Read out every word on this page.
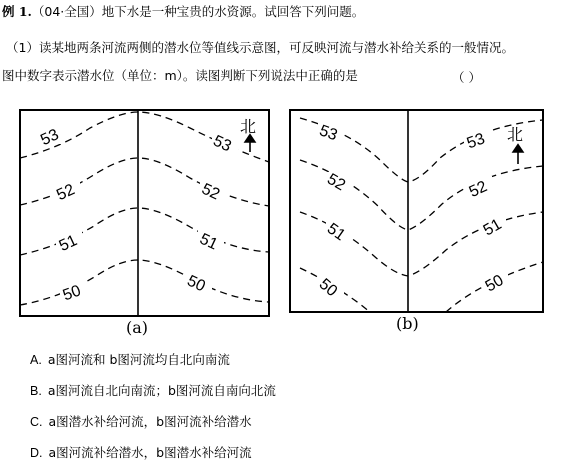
例 1.（04·全国）地下水是一种宝贵的水资源。试回答下列问题。
（1）读某地两条河流两侧的潜水位等值线示意图，可反映河流与潜水补给关系的一般情况。
图中数字表示潜水位（单位：m）。读图判断下列说法中正确的是	（ ）
53	53
52	52
51	51
50	50
北
(a)
53	53
52	52
51	51
50	50
北
(b)
A. a图河流和 b图河流均自北向南流
B. a图河流自北向南流；b图河流自南向北流
C. a图潜水补给河流，b图河流补给潜水
D. a图河流补给潜水，b图潜水补给河流
